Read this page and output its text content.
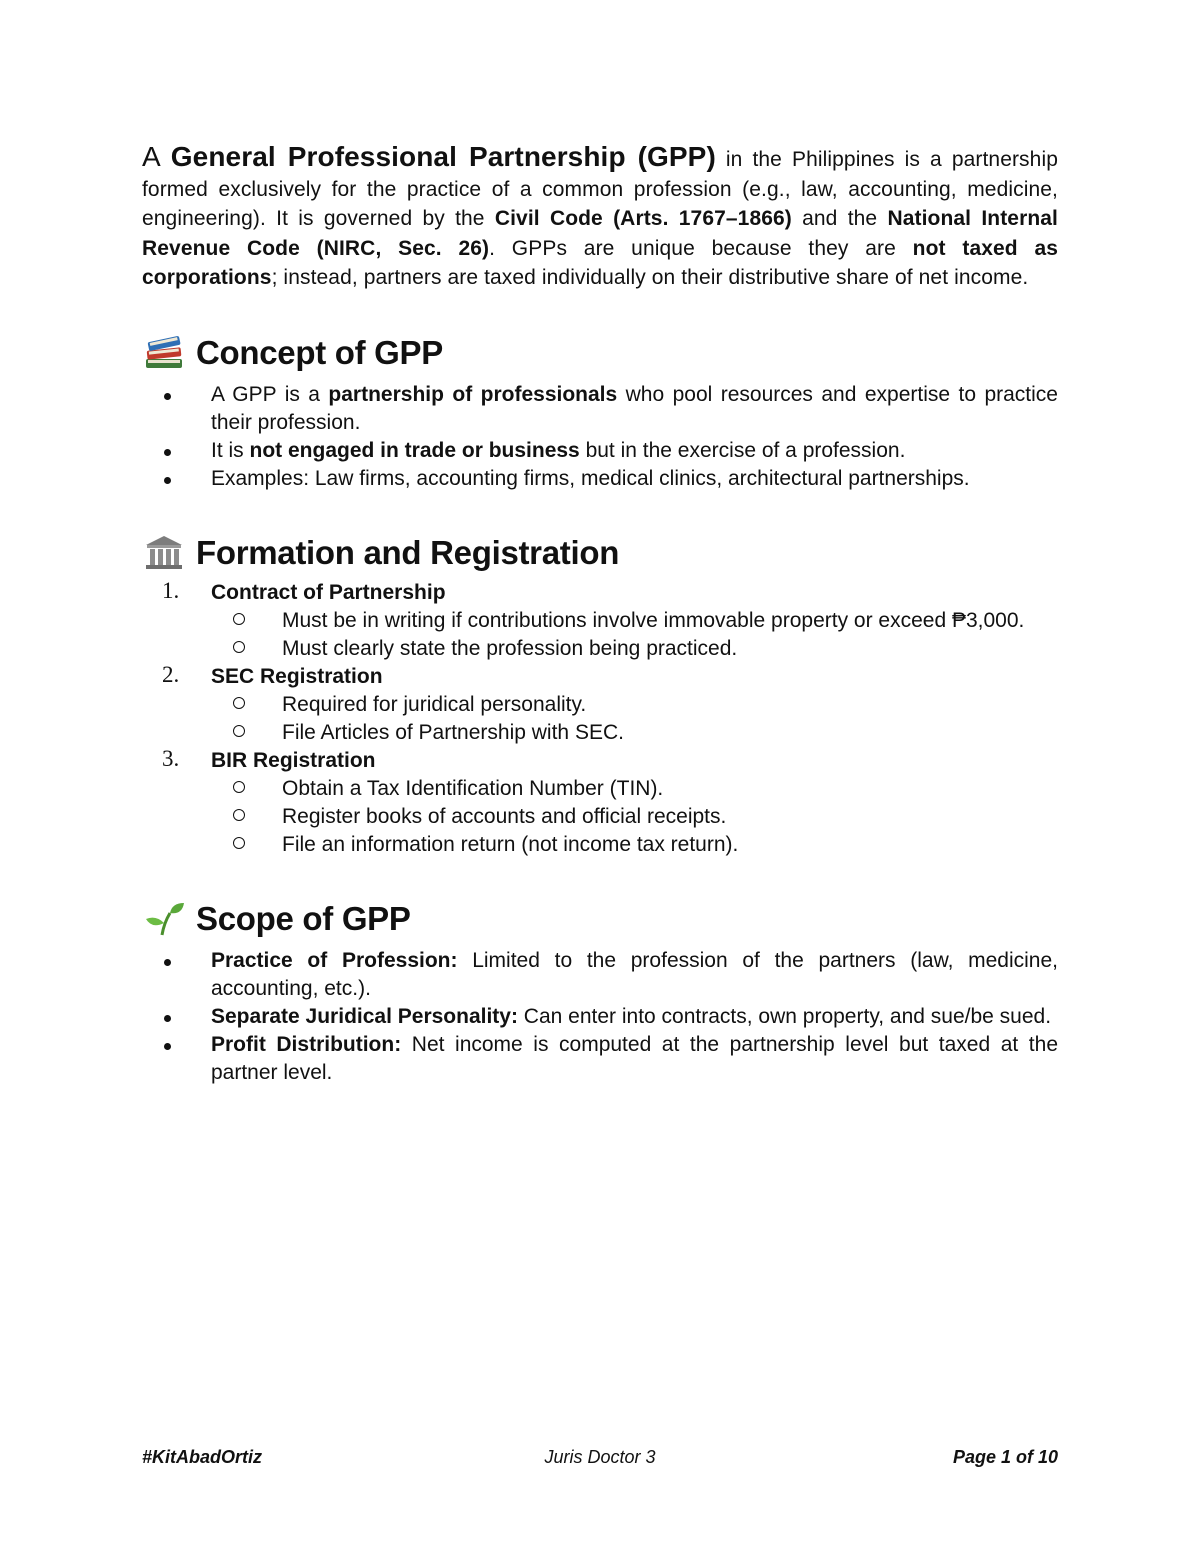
A General Professional Partnership (GPP) in the Philippines is a partnership formed exclusively for the practice of a common profession (e.g., law, accounting, medicine, engineering). It is governed by the Civil Code (Arts. 1767–1866) and the National Internal Revenue Code (NIRC, Sec. 26). GPPs are unique because they are not taxed as corporations; instead, partners are taxed individually on their distributive share of net income.

Concept of GPP
A GPP is a partnership of professionals who pool resources and expertise to practice their profession.
It is not engaged in trade or business but in the exercise of a profession.
Examples: Law firms, accounting firms, medical clinics, architectural partnerships.
Formation and Registration
1. Contract of Partnership
Must be in writing if contributions involve immovable property or exceed ₱3,000.
Must clearly state the profession being practiced.
2. SEC Registration
Required for juridical personality.
File Articles of Partnership with SEC.
3. BIR Registration
Obtain a Tax Identification Number (TIN).
Register books of accounts and official receipts.
File an information return (not income tax return).
Scope of GPP
Practice of Profession: Limited to the profession of the partners (law, medicine, accounting, etc.).
Separate Juridical Personality: Can enter into contracts, own property, and sue/be sued.
Profit Distribution: Net income is computed at the partnership level but taxed at the partner level.
#KitAbadOrtiz	Juris Doctor 3	Page 1 of 10
